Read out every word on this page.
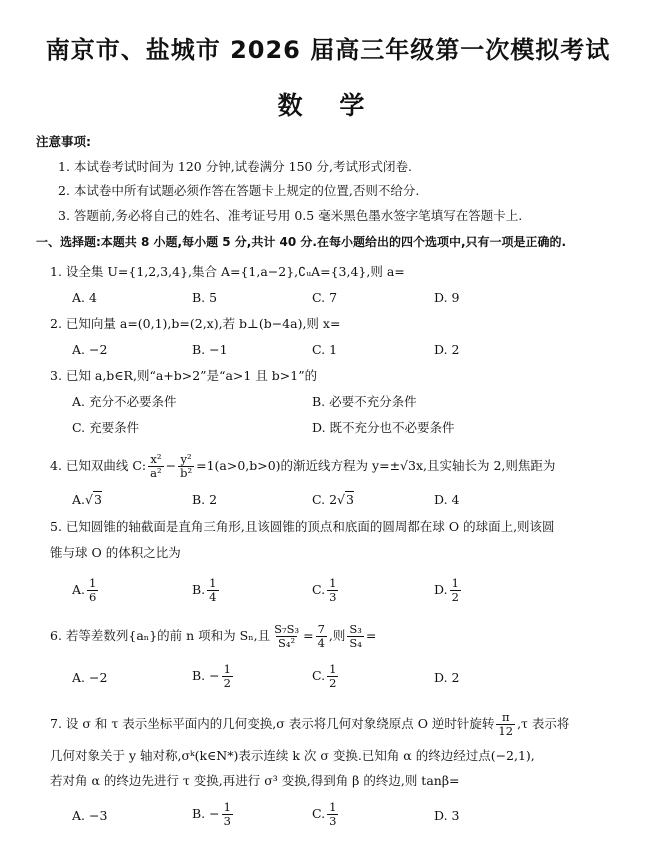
南京市、盐城市 2026 届高三年级第一次模拟考试
数 学
注意事项:
1. 本试卷考试时间为 120 分钟,试卷满分 150 分,考试形式闭卷.
2. 本试卷中所有试题必须作答在答题卡上规定的位置,否则不给分.
3. 答题前,务必将自己的姓名、准考证号用 0.5 毫米黑色墨水签字笔填写在答题卡上.
一、选择题:本题共 8 小题,每小题 5 分,共计 40 分.在每小题给出的四个选项中,只有一项是正确的.
1. 设全集 U={1,2,3,4},集合 A={1,a−2},∁ᵤA={3,4},则 a=
A. 4	B. 5	C. 7	D. 9
2. 已知向量 a=(0,1),b=(2,x),若 b⊥(b−4a),则 x=
A. −2	B. −1	C. 1	D. 2
3. 已知 a,b∈R,则“a+b>2”是“a>1 且 b>1”的
A. 充分不必要条件	B. 必要不充分条件
C. 充要条件	D. 既不充分也不必要条件
4. 已知双曲线 C: $\frac{\text{x²}}{\text{a²}} - \frac{\text{y²}}{\text{b²}} =1(a>0,b>0)$的渐近线方程为 y=±√3x,且实轴长为 2,则焦距为
A.√3	B. 2	C. 2√3	D. 4
5. 已知圆锥的轴截面是直角三角形,且该圆锥的顶点和底面的圆周都在球 O 的球面上,则该圆
锥与球 O 的体积之比为
A. $\frac{1}{6}$	B. $\frac{1}{4}$	C. $\frac{1}{3}$	D. $\frac{1}{2}$
6. 若等差数列{aₙ}的前 n 项和为 Sₙ,且 $\frac{\text{S₇S₃}}{\text{S₄²}} = \frac{7}{4}$ ,则 $\frac{\text{S₃}}{\text{S₄}}$ =
A. −2	B. − $\frac{1}{2}$	C. $\frac{1}{2}$	D. 2
7. 设 σ 和 τ 表示坐标平面内的几何变换,σ 表示将几何对象绕原点 O 逆时针旋转 $\frac{\pi}{12} ,\tau$ 表示将
几何对象关于 y 轴对称,σᵏ(k∈N*)表示连续 k 次 σ 变换.已知角 α 的终边经过点(−2,1),
若对角 α 的终边先进行 τ 变换,再进行 σ³ 变换,得到角 β 的终边,则 tanβ=
A. −3	B. − $\frac{1}{3}$	C. $\frac{1}{3}$	D. 3
